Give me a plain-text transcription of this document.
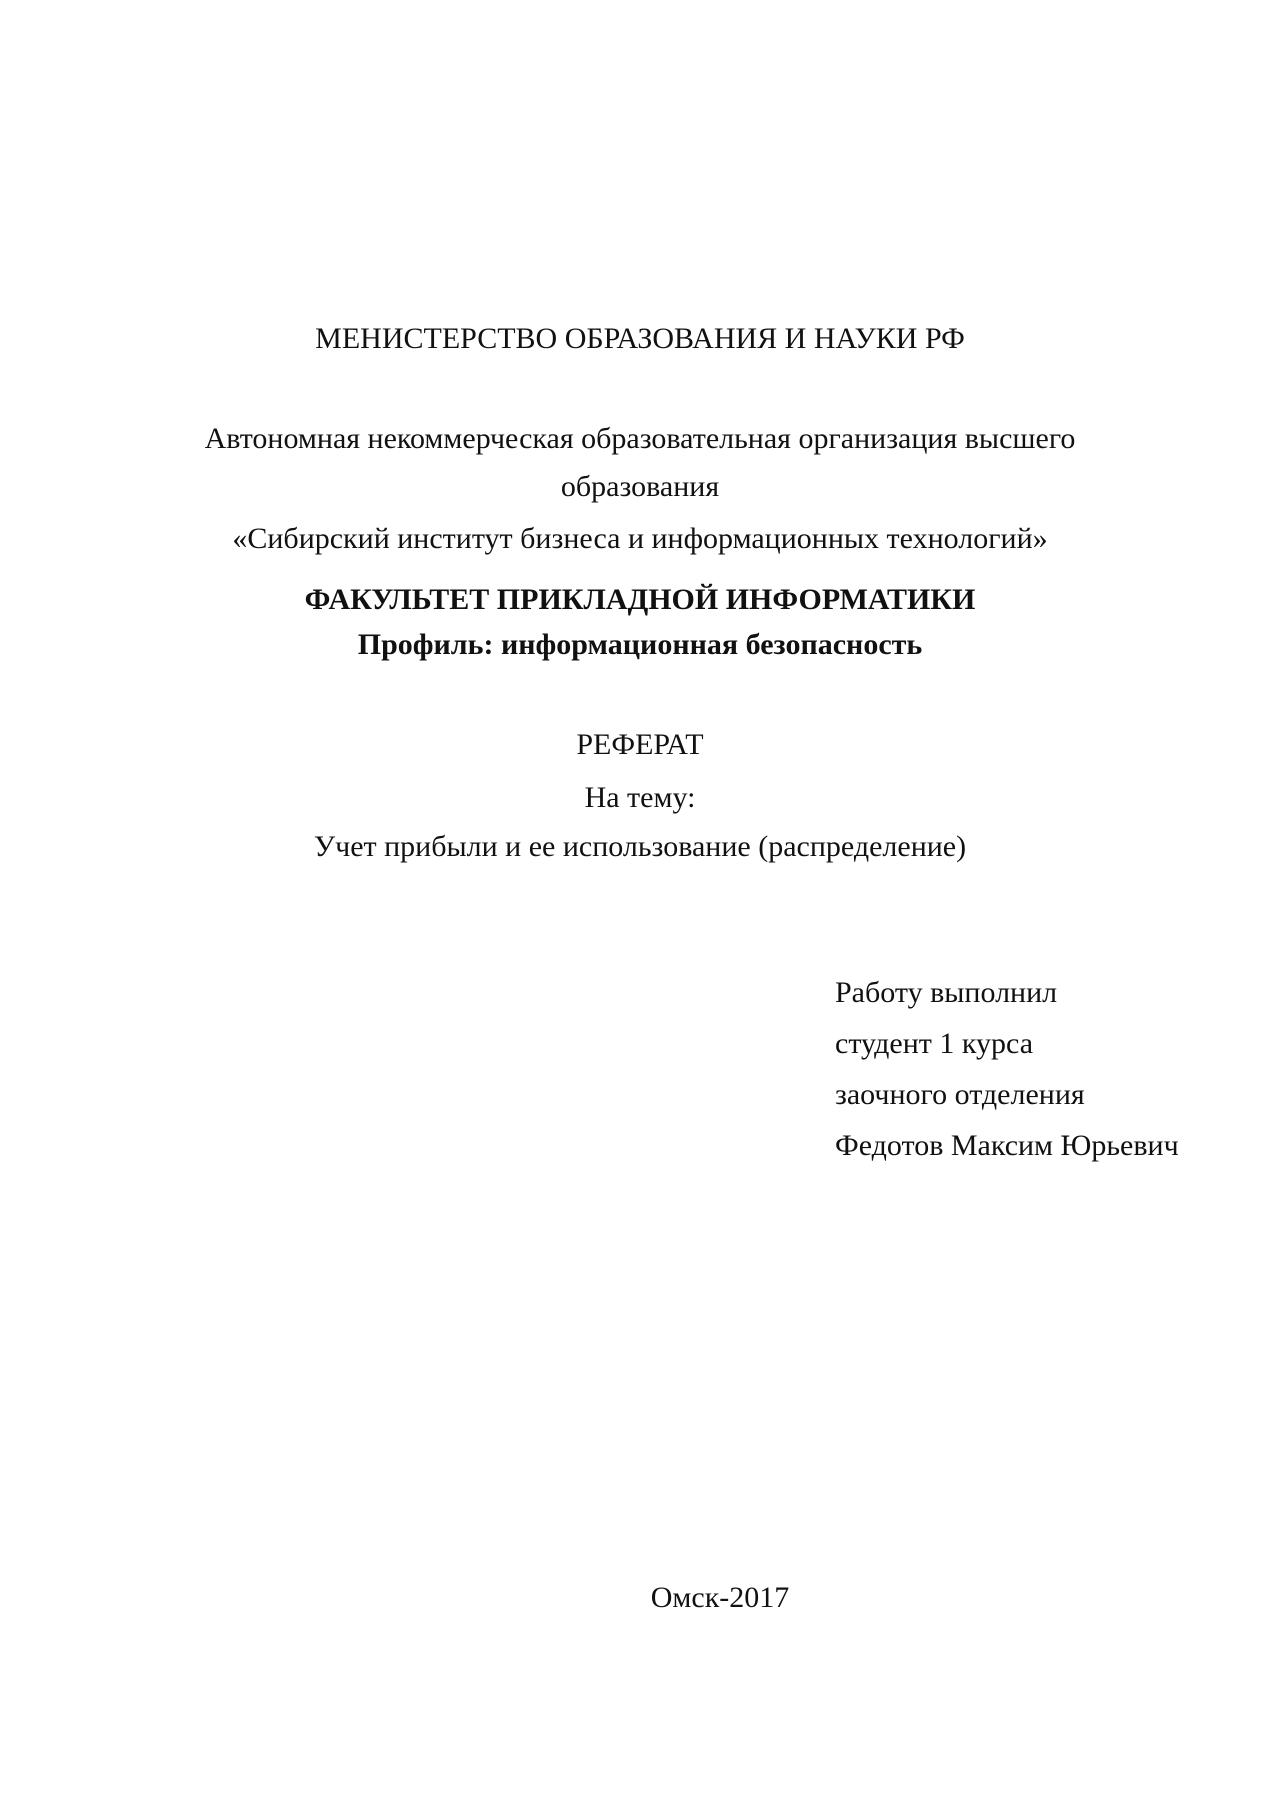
МЕНИСТЕРСТВО ОБРАЗОВАНИЯ И НАУКИ РФ
Автономная некоммерческая образовательная организация высшего
образования
«Сибирский институт бизнеса и информационных технологий»
ФАКУЛЬТЕТ ПРИКЛАДНОЙ ИНФОРМАТИКИ
Профиль: информационная безопасность
РЕФЕРАТ
На тему:
Учет прибыли и ее использование (распределение)
Работу выполнил
студент 1 курса
заочного отделения
Федотов Максим Юрьевич
Омск-2017
